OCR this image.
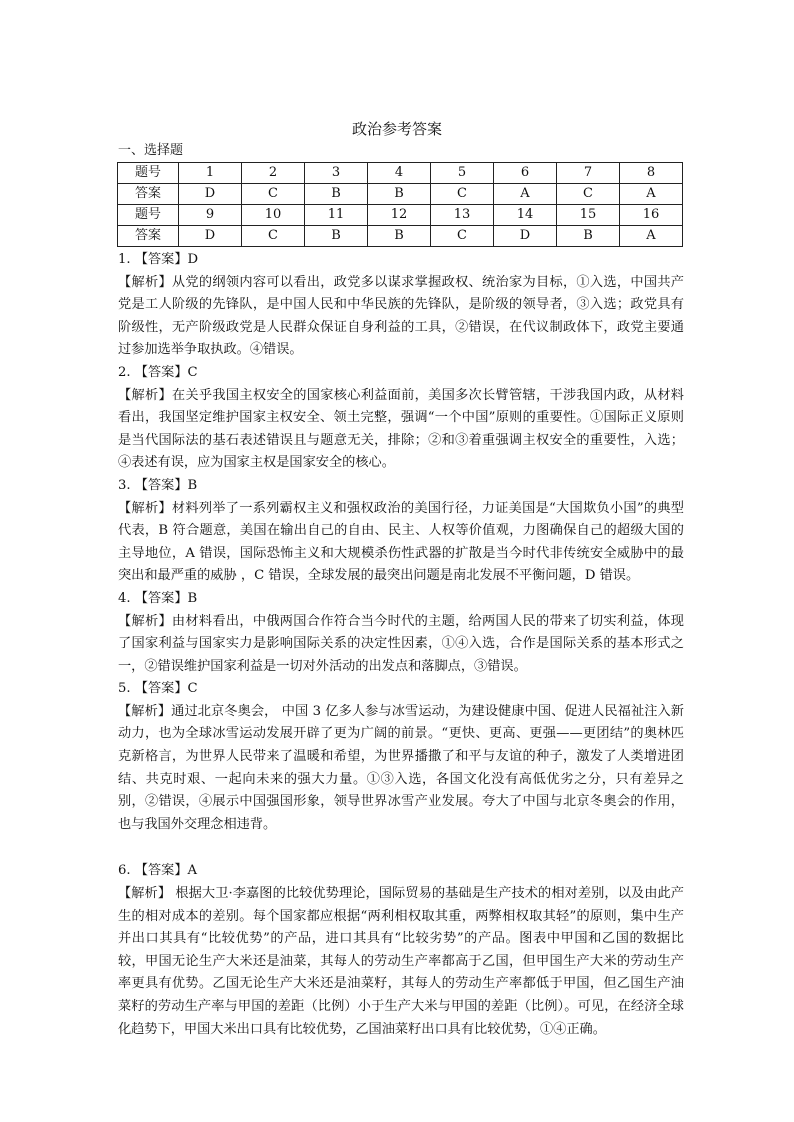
政治参考答案
一、选择题
题号	1	2	3	4	5	6	7	8
答案	D	C	B	B	C	A	C	A
题号	9	10	11	12	13	14	15	16
答案	D	C	B	B	C	D	B	A

1. 【答案】D

【解析】从党的纲领内容可以看出，政党多以谋求掌握政权、统治家为目标，①入选，中国共产党是工人阶级的先锋队，是中国人民和中华民族的先锋队，是阶级的领导者，③入选；政党具有阶级性，无产阶级政党是人民群众保证自身利益的工具，②错误，在代议制政体下，政党主要通过参加选举争取执政。④错误。

2. 【答案】C

【解析】在关乎我国主权安全的国家核心利益面前，美国多次长臂管辖，干涉我国内政，从材料看出，我国坚定维护国家主权安全、领土完整，强调“一个中国”原则的重要性。①国际正义原则是当代国际法的基石表述错误且与题意无关，排除；②和③着重强调主权安全的重要性，入选；④表述有误，应为国家主权是国家安全的核心。

3. 【答案】B

【解析】材料列举了一系列霸权主义和强权政治的美国行径，力证美国是“大国欺负小国”的典型代表，B 符合题意，美国在输出自己的自由、民主、人权等价值观，力图确保自己的超级大国的主导地位，A 错误，国际恐怖主义和大规模杀伤性武器的扩散是当今时代非传统安全威胁中的最突出和最严重的威胁 ，C 错误，全球发展的最突出问题是南北发展不平衡问题，D 错误。

4. 【答案】B

【解析】由材料看出，中俄两国合作符合当今时代的主题，给两国人民的带来了切实利益，体现了国家利益与国家实力是影响国际关系的决定性因素，①④入选，合作是国际关系的基本形式之一，②错误维护国家利益是一切对外活动的出发点和落脚点，③错误。

5. 【答案】C

【解析】通过北京冬奥会， 中国 3 亿多人参与冰雪运动，为建设健康中国、促进人民福祉注入新动力，也为全球冰雪运动发展开辟了更为广阔的前景。“更快、更高、更强——更团结”的奥林匹克新格言，为世界人民带来了温暖和希望，为世界播撒了和平与友谊的种子，激发了人类增进团结、共克时艰、一起向未来的强大力量。①③入选，各国文化没有高低优劣之分，只有差异之别，②错误，④展示中国强国形象，领导世界冰雪产业发展。夸大了中国与北京冬奥会的作用，也与我国外交理念相违背。

6. 【答案】A

【解析】 根据大卫·李嘉图的比较优势理论，国际贸易的基础是生产技术的相对差别，以及由此产生的相对成本的差别。每个国家都应根据“两利相权取其重，两弊相权取其轻”的原则，集中生产并出口其具有“比较优势”的产品，进口其具有“比较劣势”的产品。图表中甲国和乙国的数据比较，甲国无论生产大米还是油菜，其每人的劳动生产率都高于乙国，但甲国生产大米的劳动生产率更具有优势。乙国无论生产大米还是油菜籽，其每人的劳动生产率都低于甲国，但乙国生产油菜籽的劳动生产率与甲国的差距（比例）小于生产大米与甲国的差距（比例）。可见，在经济全球化趋势下，甲国大米出口具有比较优势，乙国油菜籽出口具有比较优势，①④正确。
